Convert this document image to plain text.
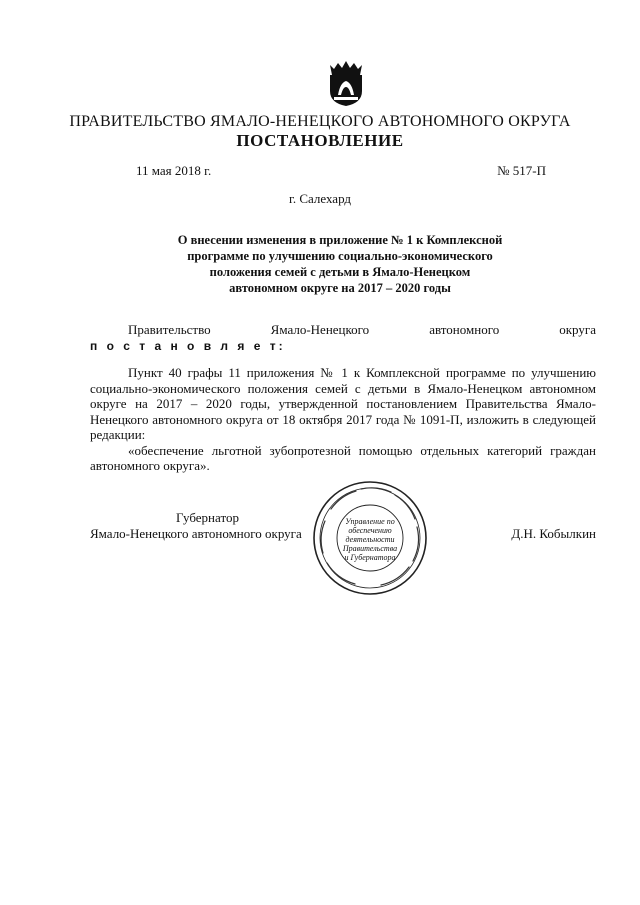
ПРАВИТЕЛЬСТВО ЯМАЛО-НЕНЕЦКОГО АВТОНОМНОГО ОКРУГА
ПОСТАНОВЛЕНИЕ
11 мая 2018 г.	№ 517-П
г. Салехард
О внесении изменения в приложение № 1 к Комплексной
программе по улучшению социально-экономического
положения семей с детьми в Ямало-Ненецком
автономном округе на 2017 – 2020 годы
Правительство	Ямало-Ненецкого	автономного	округа
п о с т а н о в л я е т:

Пункт 40 графы 11 приложения № 1 к Комплексной программе по улучшению социально-экономического положения семей с детьми в Ямало-Ненецком автономном округе на 2017 – 2020 годы, утвержденной постановлением Правительства Ямало-Ненецкого автономного округа от 18 октября 2017 года № 1091-П, изложить в следующей редакции:

«обеспечение льготной зубопротезной помощью отдельных категорий граждан автономного округа».

Губернатор
Ямало-Ненецкого автономного округа
Управление по
обеспечению
деятельности
Правительства
и Губернатора
Д.Н. Кобылкин
